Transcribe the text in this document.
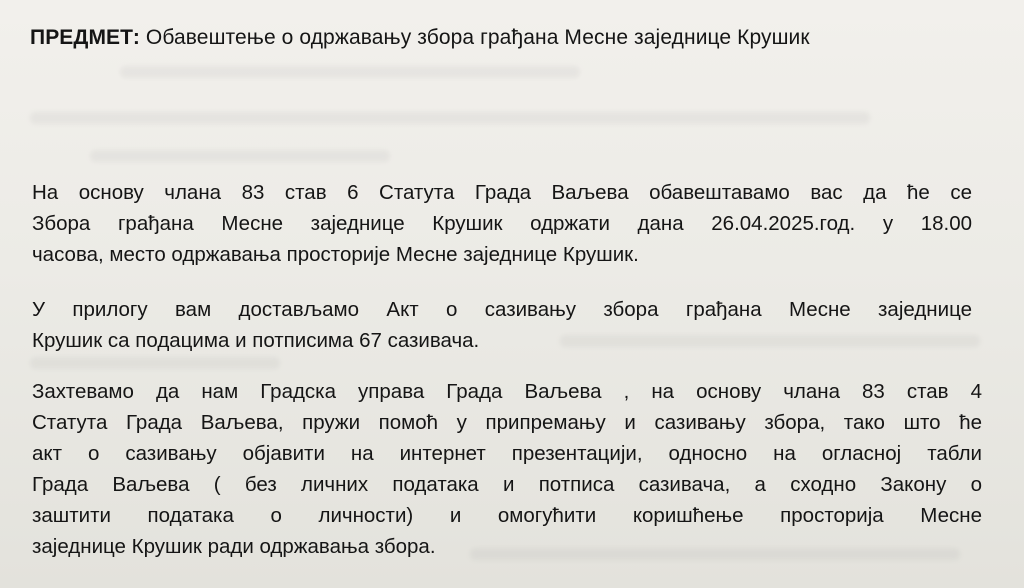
ПРЕДМЕТ: Обавештење о одржавању збора грађана Месне заједнице Крушик
На основу члана 83 став 6 Статута Града Ваљева обавештавамо вас да ће се
Збора грађана Месне заједнице Крушик одржати дана 26.04.2025.год. у 18.00
часова, место одржавања просторије Месне заједнице Крушик.
У прилогу вам достављамо Акт о сазивању збора грађана Месне заједнице
Крушик са подацима и потписима 67 сазивача.
Захтевамо да нам Градска управа Града Ваљева , на основу члана 83 став 4
Статута Града Ваљева, пружи помоћ у припремању и сазивању збора, тако што ће
акт о сазивању објавити на интернет презентацији, односно на огласној табли
Града Ваљева ( без личних података и потписа сазивача, а сходно Закону о
заштити података о личности) и омогућити коришћење просторија Месне
заједнице Крушик ради одржавања збора.
